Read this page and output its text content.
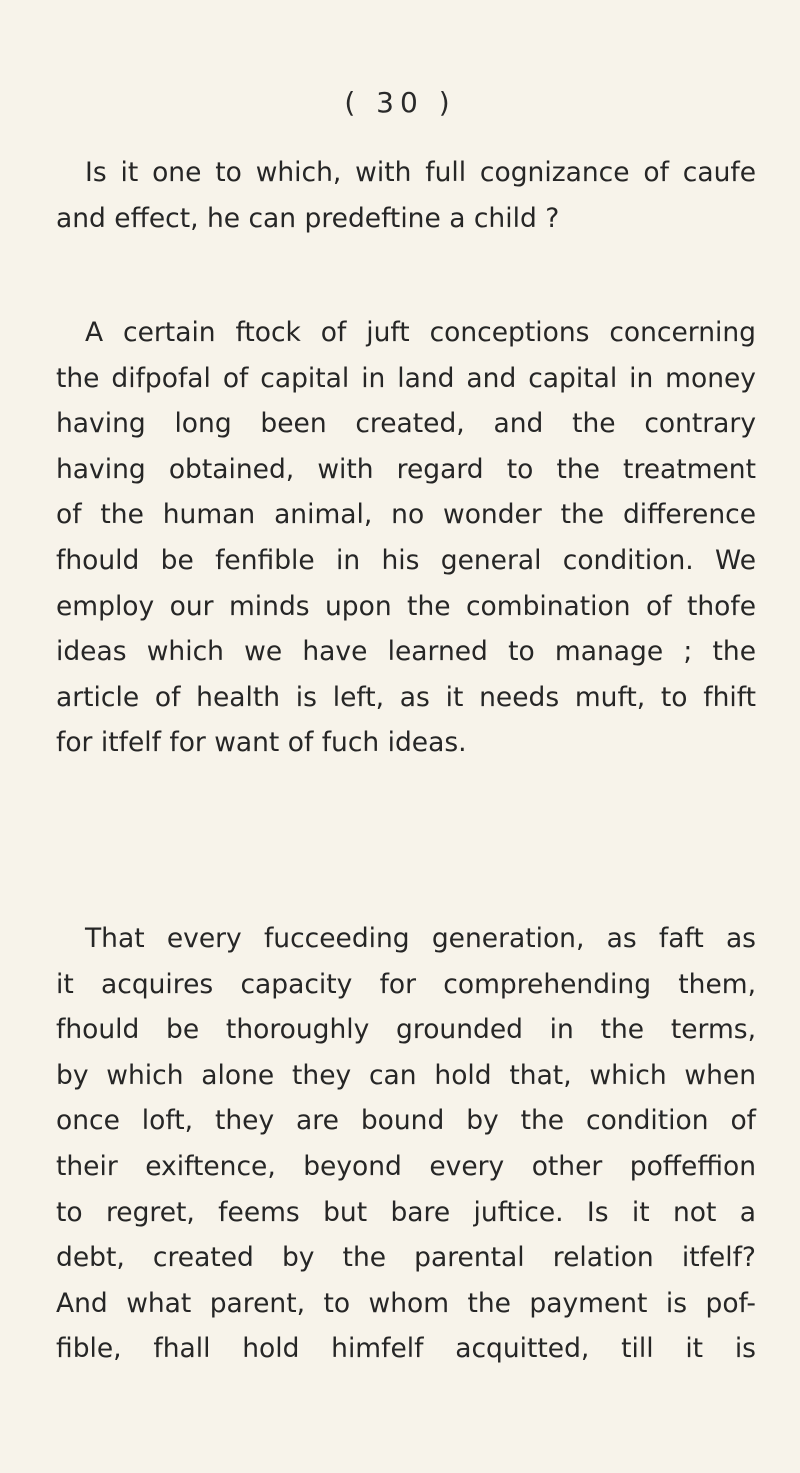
( 30 )
Is it one to which, with full cognizance of caufe
and effect, he can predeftine a child ?
A certain ftock of juft conceptions concerning
the difpofal of capital in land and capital in money
having long been created, and the contrary
having obtained, with regard to the treatment
of the human animal, no wonder the difference
fhould be fenfible in his general condition. We
employ our minds upon the combination of thofe
ideas which we have learned to manage ; the
article of health is left, as it needs muft, to fhift
for itfelf for want of fuch ideas.
That every fucceeding generation, as faft as
it acquires capacity for comprehending them,
fhould be thoroughly grounded in the terms,
by which alone they can hold that, which when
once loft, they are bound by the condition of
their exiftence, beyond every other poffeffion
to regret, feems but bare juftice. Is it not a
debt, created by the parental relation itfelf?
And what parent, to whom the payment is pof-
fible, fhall hold himfelf acquitted, till it is
